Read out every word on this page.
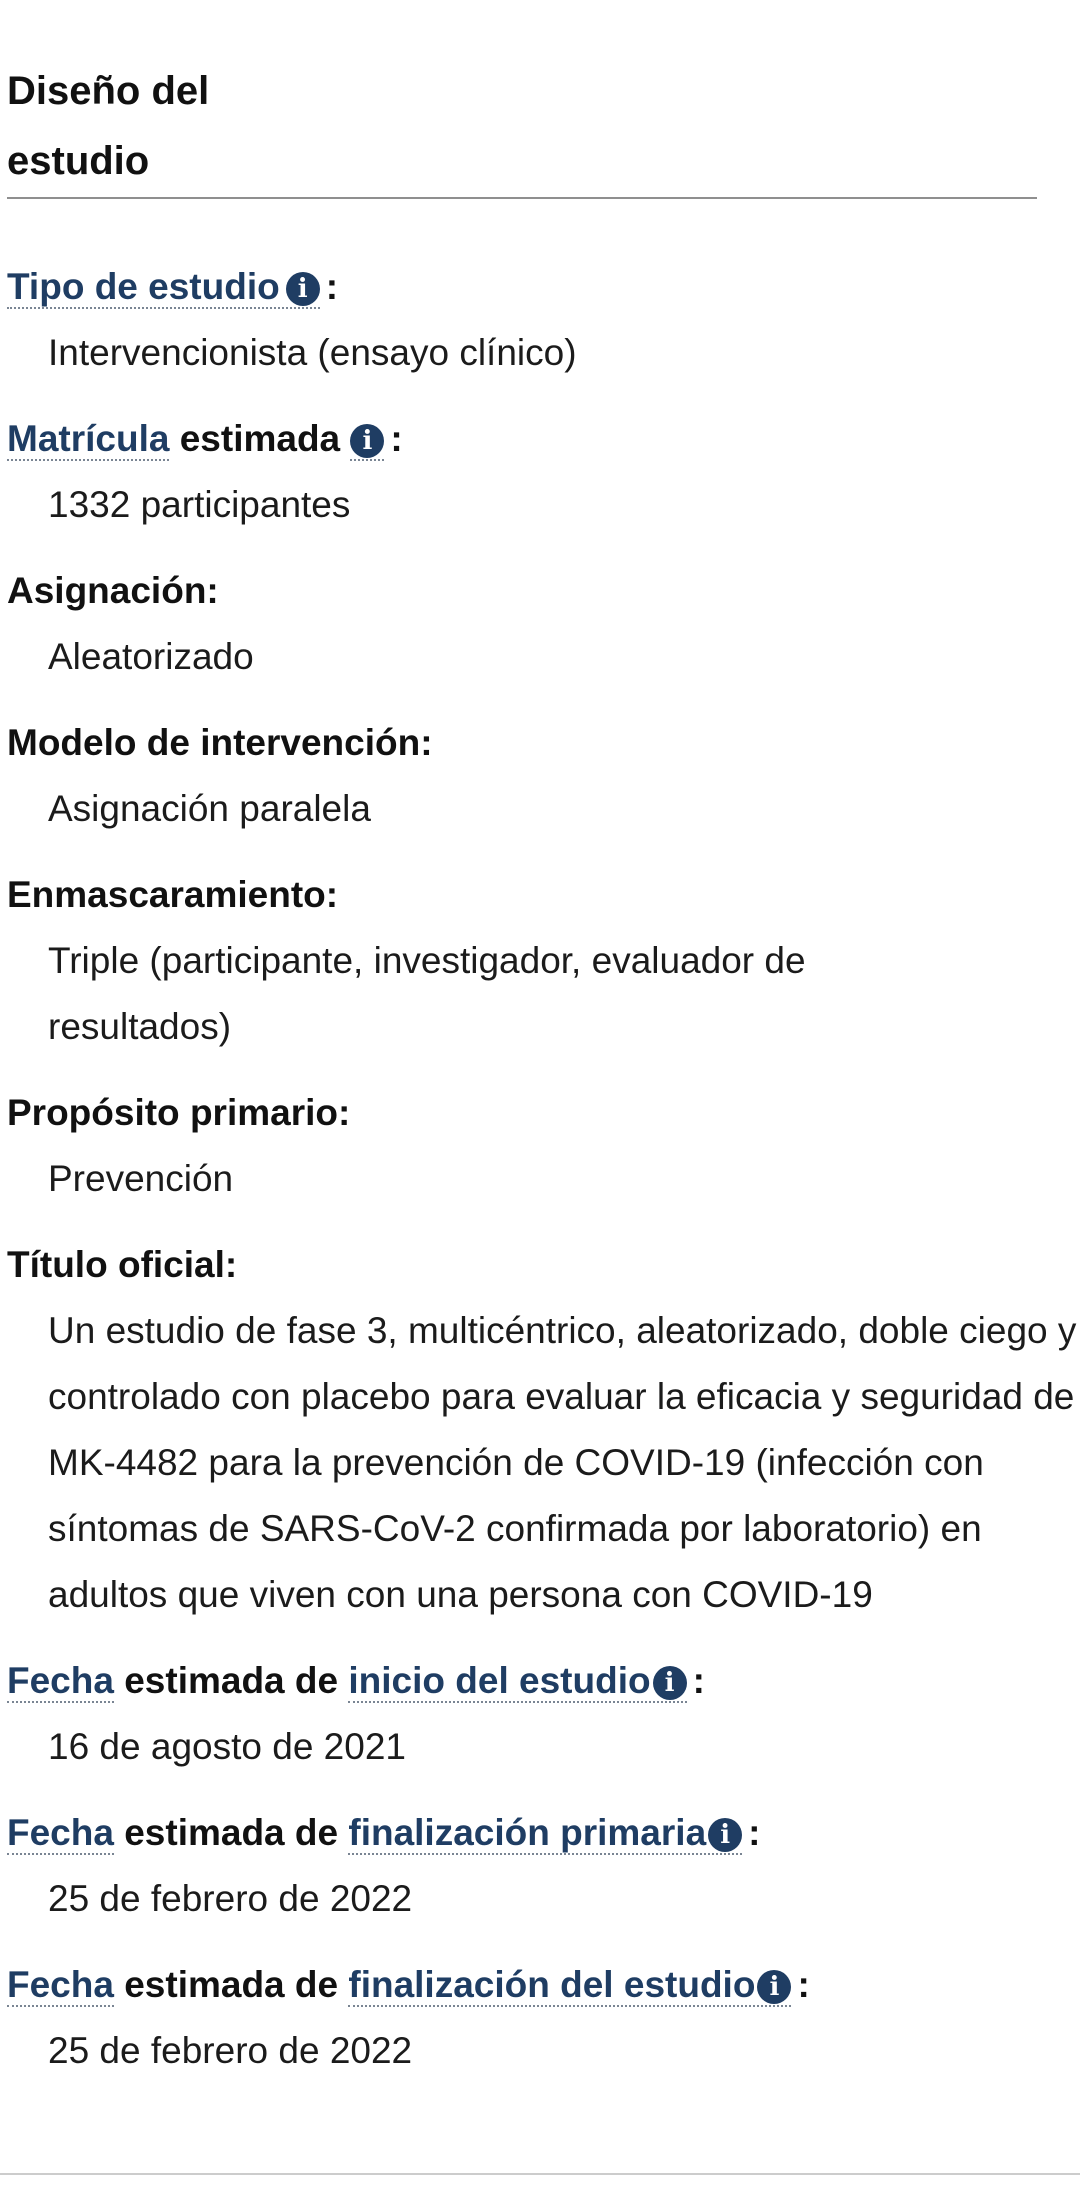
Diseño del estudio
Tipo de estudio i :
Intervencionista (ensayo clínico)
Matrícula estimada i :
1332 participantes
Asignación:
Aleatorizado
Modelo de intervención:
Asignación paralela
Enmascaramiento:
Triple (participante, investigador, evaluador de resultados)
Propósito primario:
Prevención
Título oficial:
Un estudio de fase 3, multicéntrico, aleatorizado, doble ciego y controlado con placebo para evaluar la eficacia y seguridad de MK-4482 para la prevención de COVID-19 (infección con síntomas de SARS-CoV-2 confirmada por laboratorio) en adultos que viven con una persona con COVID-19
Fecha estimada de inicio del estudio i :
16 de agosto de 2021
Fecha estimada de finalización primaria i :
25 de febrero de 2022
Fecha estimada de finalización del estudio i :
25 de febrero de 2022
